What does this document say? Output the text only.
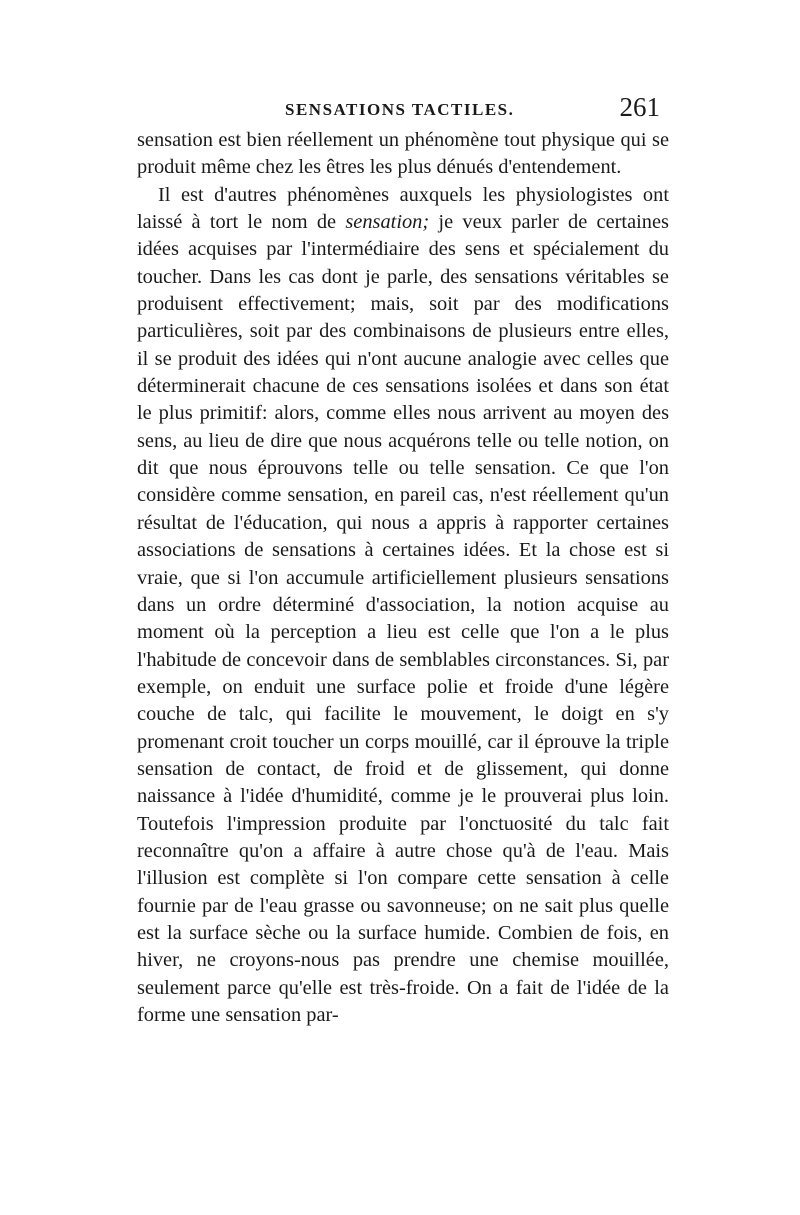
SENSATIONS TACTILES.	261

sensation est bien réellement un phénomène tout physique qui se produit même chez les êtres les plus dénués d'entendement.

Il est d'autres phénomènes auxquels les physiologistes ont laissé à tort le nom de sensation; je veux parler de certaines idées acquises par l'intermédiaire des sens et spécialement du toucher. Dans les cas dont je parle, des sensations véritables se produisent effectivement; mais, soit par des modifications particulières, soit par des combinaisons de plusieurs entre elles, il se produit des idées qui n'ont aucune analogie avec celles que déterminerait chacune de ces sensations isolées et dans son état le plus primitif: alors, comme elles nous arrivent au moyen des sens, au lieu de dire que nous acquérons telle ou telle notion, on dit que nous éprouvons telle ou telle sensation. Ce que l'on considère comme sensation, en pareil cas, n'est réellement qu'un résultat de l'éducation, qui nous a appris à rapporter certaines associations de sensations à certaines idées. Et la chose est si vraie, que si l'on accumule artificiellement plusieurs sensations dans un ordre déterminé d'association, la notion acquise au moment où la perception a lieu est celle que l'on a le plus l'habitude de concevoir dans de semblables circonstances. Si, par exemple, on enduit une surface polie et froide d'une légère couche de talc, qui facilite le mouvement, le doigt en s'y promenant croit toucher un corps mouillé, car il éprouve la triple sensation de contact, de froid et de glissement, qui donne naissance à l'idée d'humidité, comme je le prouverai plus loin. Toutefois l'impression produite par l'onctuosité du talc fait reconnaître qu'on a affaire à autre chose qu'à de l'eau. Mais l'illusion est complète si l'on compare cette sensation à celle fournie par de l'eau grasse ou savonneuse; on ne sait plus quelle est la surface sèche ou la surface humide. Combien de fois, en hiver, ne croyons-nous pas prendre une chemise mouillée, seulement parce qu'elle est très-froide. On a fait de l'idée de la forme une sensation par-
